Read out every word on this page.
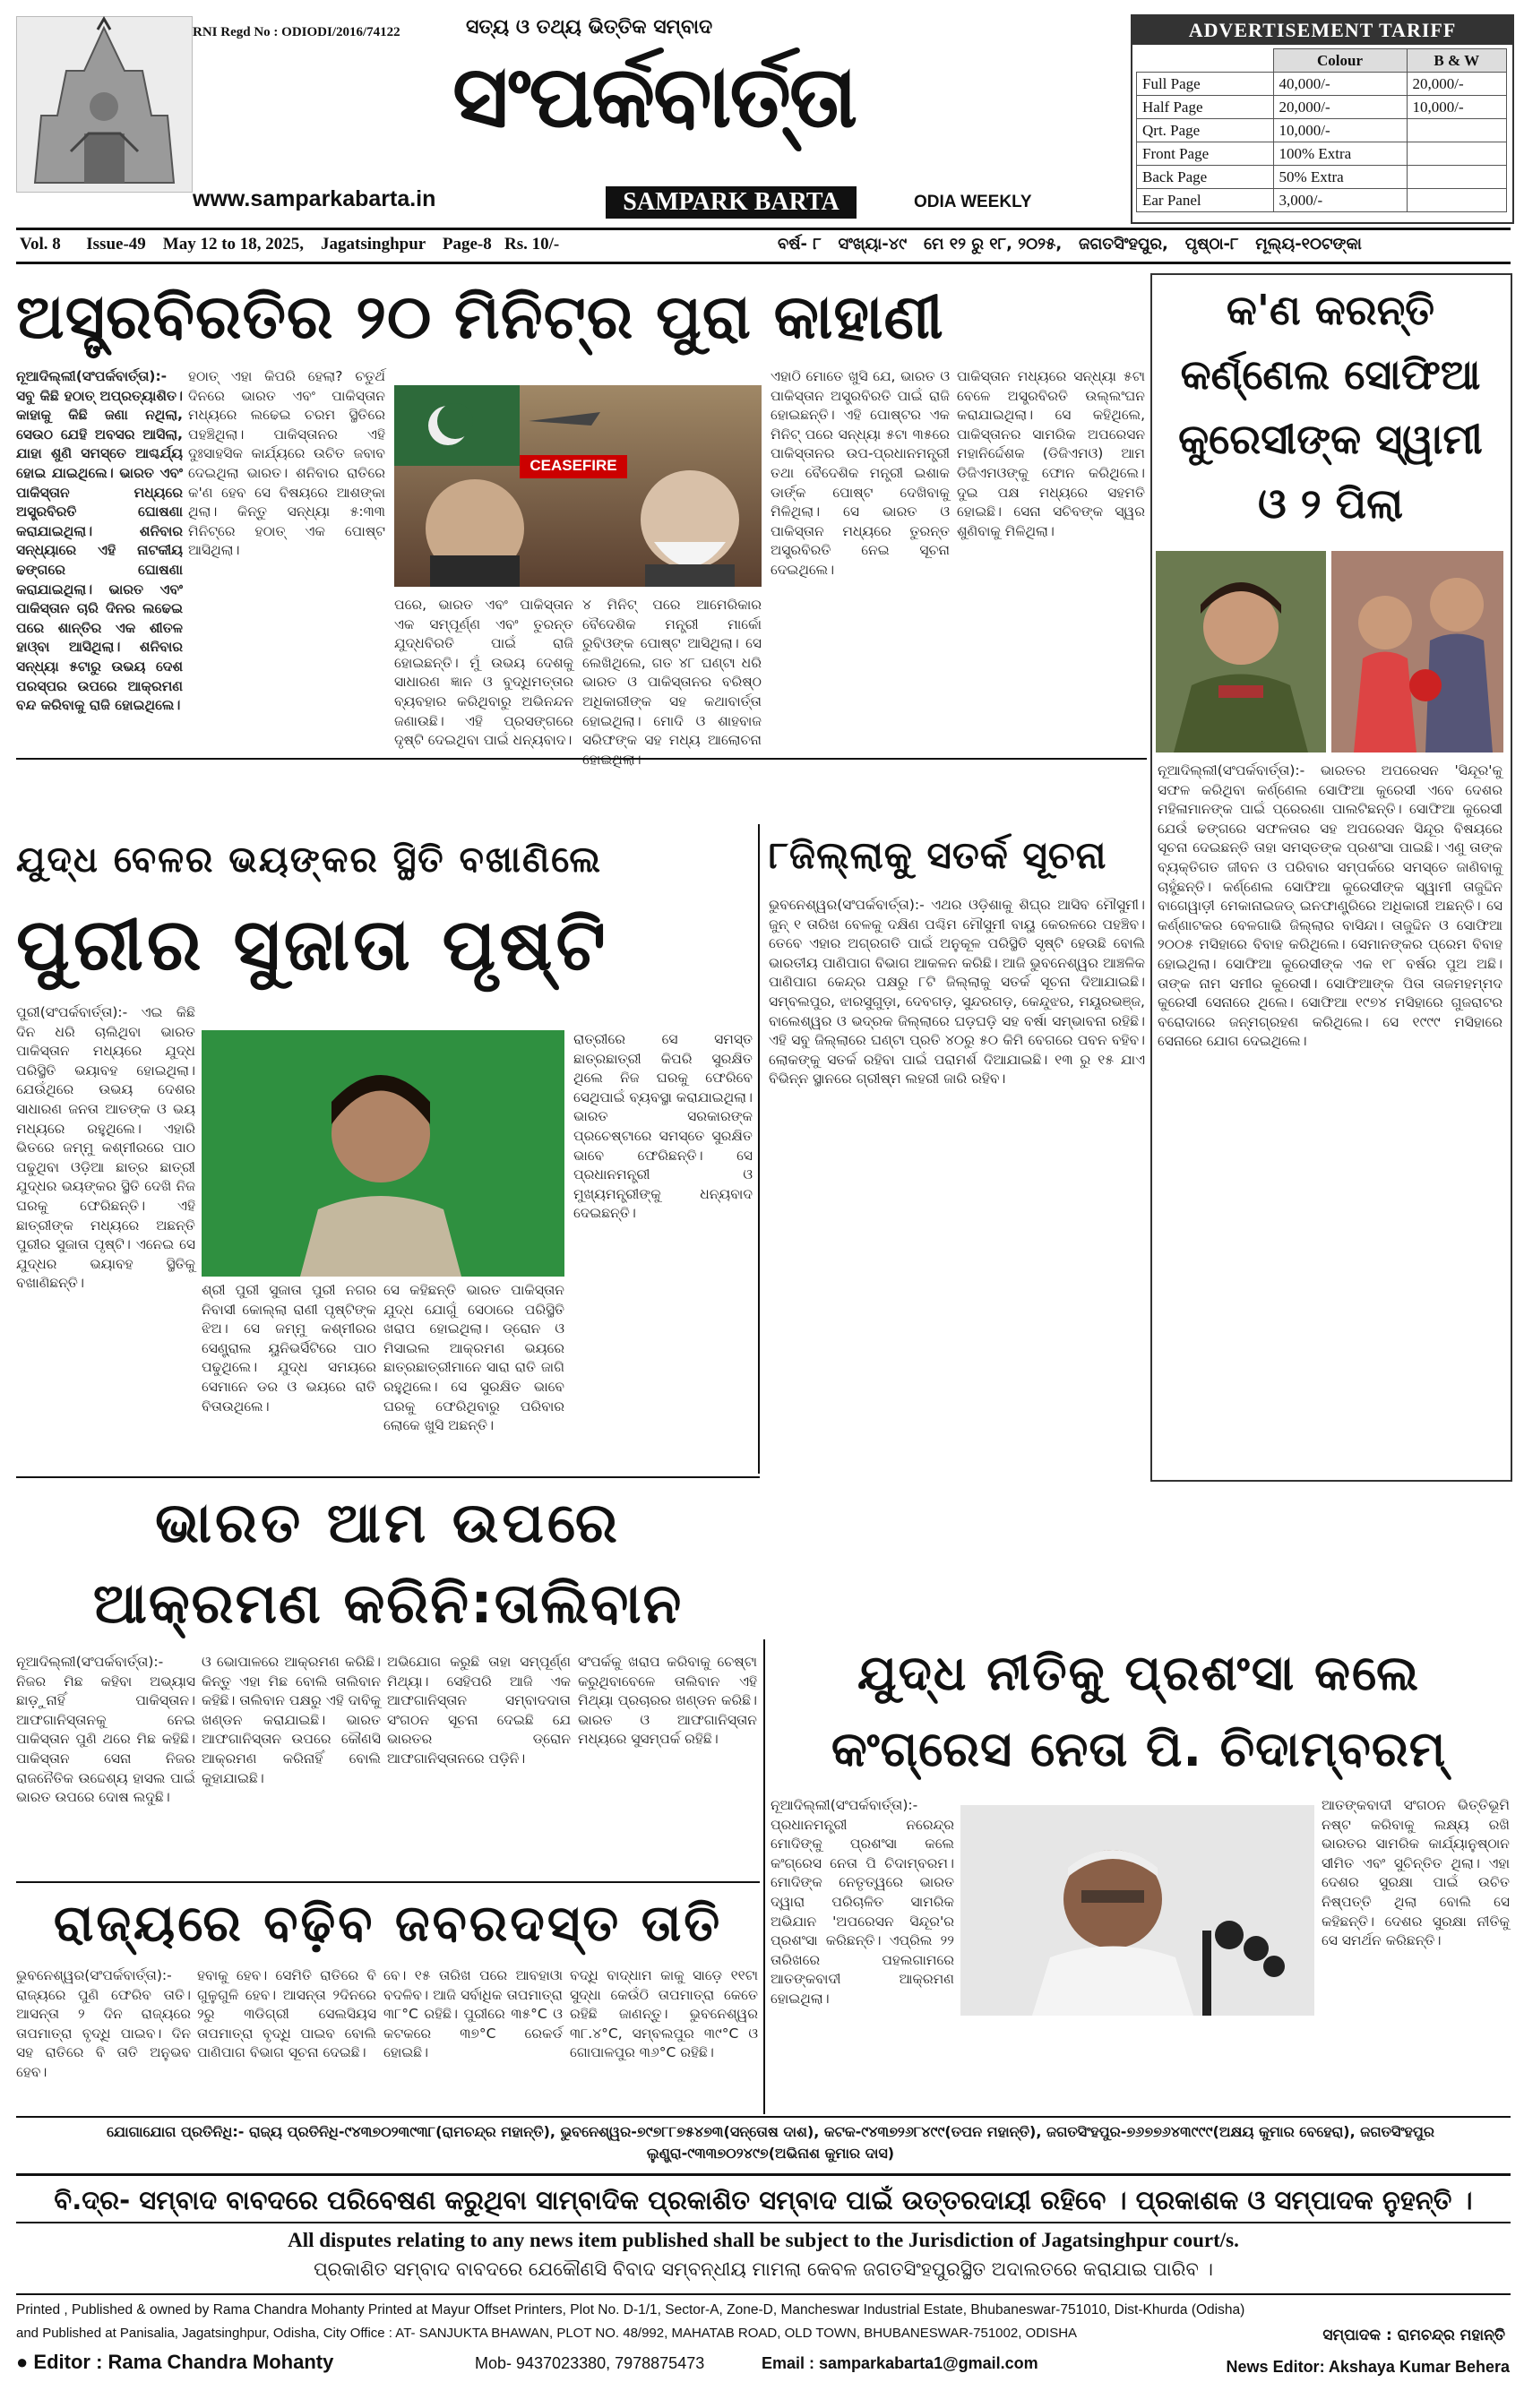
RNI Regd No : ODIODI/2016/74122	ସତ୍ୟ ଓ ତଥ୍ୟ ଭିତ୍ତିକ ସମ୍ବାଦ
ସଂପର୍କବାର୍ତ୍ତା
SAMPARK BARTA	ODIA WEEKLY
www.samparkabarta.in
ADVERTISEMENT TARIFF
	Colour	B & W
Full Page	40,000/-	20,000/-
Half Page	20,000/-	10,000/-
Qrt. Page	10,000/-	
Front Page	100% Extra	
Back Page	50% Extra	
Ear Panel	3,000/-	
Vol. 8      Issue-49    May 12 to 18, 2025,    Jagatsinghpur    Page-8   Rs. 10/-	ବର୍ଷ- ୮   ସଂଖ୍ୟା-୪୯   ମେ ୧୨ ରୁ ୧୮, ୨୦୨୫,   ଜଗତସିଂହପୁର,   ପୃଷ୍ଠା-୮   ମୂଲ୍ୟ-୧୦ଟଙ୍କା
ଅସ୍ତ୍ରବିରତିର ୨୦ ମିନିଟ୍‌ର ପୁରା କାହାଣୀ

ନୂଆଦିଲ୍ଲୀ(ସଂପର୍କବାର୍ତ୍ତା):- ସବୁ କିଛି ହଠାତ୍ ଅପ୍ରତ୍ୟାଶିତ। କାହାକୁ କିଛି ଜଣା ନଥିଲା, ସେଉଠ ଯେହି ଅବସର ଆସିଲା, ଯାହା ଶୁଣି ସମସ୍ତେ ଆଶ୍ଚର୍ଯ୍ୟ ହୋଇ ଯାଇଥିଲେ। ଭାରତ ଏବଂ ପାକିସ୍ତାନ ମଧ୍ୟରେ ଅସ୍ତ୍ରବିରତି ଘୋଷଣା କରାଯାଇଥିଲା। ଶନିବାର ସନ୍ଧ୍ୟାରେ ଏହି ନାଟକୀୟ ଢଙ୍ଗରେ ଘୋଷଣା କରାଯାଇଥିଲା। ଭାରତ ଏବଂ ପାକିସ୍ତାନ ଚାରି ଦିନର ଲଢେଇ ପରେ ଶାନ୍ତିର ଏକ ଶୀତଳ ହାଓ୍ବା ଆସିଥିଲା। ଶନିବାର ସନ୍ଧ୍ୟା ୫ଟାରୁ ଉଭୟ ଦେଶ ପରସ୍ପର ଉପରେ ଆକ୍ରମଣ ବନ୍ଦ କରିବାକୁ ରାଜି ହୋଇଥିଲେ।

ହଠାତ୍ ଏହା କିପରି ହେଲା? ଚତୁର୍ଥ ଦିନରେ ଭାରତ ଏବଂ ପାକିସ୍ତାନ ମଧ୍ୟରେ ଲଢେଇ ଚରମ ସ୍ଥିତିରେ ପହଞ୍ଚିଥିଲା। ପାକିସ୍ତାନର ଏହି ଦୁଃସାହସିକ କାର୍ଯ୍ୟରେ ଉଚିତ ଜବାବ ଦେଇଥିଲା ଭାରତ। ଶନିବାର ରାତିରେ କ'ଣ ହେବ ସେ ବିଷୟରେ ଆଶଙ୍କା ଥିଲା। କିନ୍ତୁ ସନ୍ଧ୍ୟା ୫:୩୩ ମିନିଟ୍ରେ ହଠାତ୍ ଏକ ପୋଷ୍ଟ ଆସିଥିଲା।

ପରେ, ଭାରତ ଏବଂ ପାକିସ୍ତାନ ଏକ ସମ୍ପୂର୍ଣ୍ଣ ଏବଂ ତୁରନ୍ତ ଯୁଦ୍ଧବିରତି ପାଇଁ ରାଜି ହୋଇଛନ୍ତି। ମୁଁ ଉଭୟ ଦେଶକୁ ସାଧାରଣ ଜ୍ଞାନ ଓ ବୁଦ୍ଧିମତ୍ତାର ବ୍ୟବହାର କରିଥିବାରୁ ଅଭିନନ୍ଦନ ଜଣାଉଛି। ଏହି ପ୍ରସଙ୍ଗରେ ଦୃଷ୍ଟି ଦେଇଥିବା ପାଇଁ ଧନ୍ୟବାଦ।

୪ ମିନିଟ୍ ପରେ ଆମେରିକାର ବୈଦେଶିକ ମନ୍ତ୍ରୀ ମାର୍କୋ ରୁବିଓଙ୍କ ପୋଷ୍ଟ ଆସିଥିଲା। ସେ ଲେଖିଥିଲେ, ଗତ ୪୮ ଘଣ୍ଟା ଧରି ଭାରତ ଓ ପାକିସ୍ତାନର ବରିଷ୍ଠ ଅଧିକାରୀଙ୍କ ସହ କଥାବାର୍ତ୍ତା ହୋଇଥିଲା। ମୋଦି ଓ ଶାହବାଜ ସରିଫଙ୍କ ସହ ମଧ୍ୟ ଆଲୋଚନା

ଏହାଠି ମୋତେ ଖୁସି ଯେ, ଭାରତ ଓ ପାକିସ୍ତାନ ଅସ୍ତ୍ରବିରତି ପାଇଁ ରାଜି ହୋଇଛନ୍ତି। ଏହି ପୋଷ୍ଟର ଏକ ମିନିଟ୍ ପରେ ସନ୍ଧ୍ୟା ୫ଟା ୩୫ରେ ପାକିସ୍ତାନର ଉପ-ପ୍ରଧାନମନ୍ତ୍ରୀ ତଥା ବୈଦେଶିକ ମନ୍ତ୍ରୀ ଇଶାକ ଡାର୍ଙ୍କ ପୋଷ୍ଟ ଦେଖିବାକୁ ମିଳିଥିଲା। ସେ ଭାରତ ଓ ପାକିସ୍ତାନ ମଧ୍ୟରେ ତୁରନ୍ତ ଅସ୍ତ୍ରବିରତି ନେଇ ସୂଚନା ଦେଇଥିଲେ।

ପାକିସ୍ତାନ ମଧ୍ୟରେ ସନ୍ଧ୍ୟା ୫ଟା ବେଳେ ଅସ୍ତ୍ରବିରତି ଉଲ୍ଲଂଘନ କରାଯାଇଥିଲା। ସେ କହିଥିଲେ, ପାକିସ୍ତାନର ସାମରିକ ଅପରେସନ ମହାନିର୍ଦ୍ଦେଶକ (ଡିଜିଏମଓ) ଆମ ଡିଜିଏମଓଙ୍କୁ ଫୋନ କରିଥିଲେ। ଦୁଇ ପକ୍ଷ ମଧ୍ୟରେ ସହମତି ହୋଇଛି। ସେନା ସଚିବଙ୍କ ସ୍ୱର ଶୁଣିବାକୁ ମିଳିଥିଲା।

CEASEFIRE
କ'ଣ କରନ୍ତି
କର୍ଣ୍ଣେଲ ସୋଫିଆ
କୁରେସୀଙ୍କ ସ୍ୱାମୀ
ଓ ୨ ପିଲା

ନୂଆଦିଲ୍ଲୀ(ସଂପର୍କବାର୍ତ୍ତା):- ଭାରତର ଅପରେସନ 'ସିନ୍ଦୂର'କୁ ସଫଳ କରିଥିବା କର୍ଣ୍ଣେଲ ସୋଫିଆ କୁରେସୀ ଏବେ ଦେଶର ମହିଳାମାନଙ୍କ ପାଇଁ ପ୍ରେରଣା ପାଲଟିଛନ୍ତି। ସୋଫିଆ କୁରେସୀ ଯେଉଁ ଢଙ୍ଗରେ ସଫଳତାର ସହ ଅପରେସନ ସିନ୍ଦୂର ବିଷୟରେ ସୂଚନା ଦେଇଛନ୍ତି ତାହା ସମସ୍ତଙ୍କ ପ୍ରଶଂସା ପାଇଛି। ଏଣୁ ତାଙ୍କ ବ୍ୟକ୍ତିଗତ ଜୀବନ ଓ ପରିବାର ସମ୍ପର୍କରେ ସମସ୍ତେ ଜାଣିବାକୁ ଚାହୁଁଛନ୍ତି। କର୍ଣ୍ଣେଲ ସୋଫିଆ କୁରେସୀଙ୍କ ସ୍ୱାମୀ ତାଜୁଦ୍ଦିନ ବାଗେୱାଡ଼ୀ ମେକାନାଇଜଡ୍ ଇନଫାଣ୍ଟ୍ରିରେ ଅଧିକାରୀ ଅଛନ୍ତି। ସେ କର୍ଣ୍ଣାଟକର ବେଳଗାଭି ଜିଲ୍ଲାର ବାସିନ୍ଦା। ତାଜୁଦ୍ଦିନ ଓ ସୋଫିଆ ୨୦୦୫ ମସିହାରେ ବିବାହ କରିଥିଲେ। ସେମାନଙ୍କର ପ୍ରେମ ବିବାହ ହୋଇଥିଲା। ସୋଫିଆ କୁରେସୀଙ୍କ ଏକ ୧୮ ବର୍ଷର ପୁଅ ଅଛି। ତାଙ୍କ ନାମ ସମୀର କୁରେସୀ। ସୋଫିଆଙ୍କ ପିତା ତାଜମହମ୍ମଦ କୁରେସୀ ସେନାରେ ଥିଲେ। ସୋଫିଆ ୧୯୭୪ ମସିହାରେ ଗୁଜରାଟର ବରୋଦାରେ ଜନ୍ମଗ୍ରହଣ କରିଥିଲେ। ସେ ୧୯୯୯ ମସିହାରେ ସେନାରେ ଯୋଗ ଦେଇଥିଲେ।

ଯୁଦ୍ଧ ବେଳର ଭୟଙ୍କର ସ୍ଥିତି ବଖାଣିଲେ
ପୁରୀର ସୁଜାତା ପୃଷ୍ଟି

ପୁରୀ(ସଂପର୍କବାର୍ତ୍ତା):- ଏଇ କିଛି ଦିନ ଧରି ଚାଲିଥିବା ଭାରତ ପାକିସ୍ତାନ ମଧ୍ୟରେ ଯୁଦ୍ଧ ପରିସ୍ଥିତି ଭୟାବହ ହୋଇଥିଲା। ଯେଉଁଥିରେ ଉଭୟ ଦେଶର ସାଧାରଣ ଜନତା ଆତଙ୍କ ଓ ଭୟ ମଧ୍ୟରେ ରହୁଥିଲେ। ଏହାରି ଭିତରେ ଜମ୍ମୁ କଶ୍ମୀରରେ ପାଠ ପଢୁଥିବା ଓଡ଼ିଆ ଛାତ୍ର ଛାତ୍ରୀ ଯୁଦ୍ଧର ଭୟଙ୍କର ସ୍ଥିତି ଦେଖି ନିଜ ଘରକୁ ଫେରିଛନ୍ତି। ଏହି ଛାତ୍ରୀଙ୍କ ମଧ୍ୟରେ ଅଛନ୍ତି ପୁରୀର ସୁଜାତା ପୃଷ୍ଟି। ଏନେଇ ସେ ଯୁଦ୍ଧର ଭୟାବହ ସ୍ଥିତିକୁ ବଖାଣିଛନ୍ତି।	ଶ୍ରୀ ପୁରୀ ସୁଜାତା ପୁରୀ ନଗର ନିବାସୀ କୋଲ୍ଲା ରାଣୀ ପୃଷ୍ଟିଙ୍କ ଝିଅ। ସେ ଜମ୍ମୁ କଶ୍ମୀରର ସେଣ୍ଟ୍ରାଲ ୟୁନିଭର୍ସିଟିରେ ପାଠ ପଢୁଥିଲେ। ଯୁଦ୍ଧ ସମୟରେ ସେମାନେ ଡର ଓ ଭୟରେ ରାତି ବିତାଉଥିଲେ।

ସେ କହିଛନ୍ତି ଭାରତ ପାକିସ୍ତାନ ଯୁଦ୍ଧ ଯୋଗୁଁ ସେଠାରେ ପରିସ୍ଥିତି ଖରାପ ହୋଇଥିଲା। ଡ୍ରୋନ ଓ ମିସାଇଲ ଆକ୍ରମଣ ଭୟରେ ଛାତ୍ରଛାତ୍ରୀମାନେ ସାରା ରାତି ଜାଗି ରହୁଥିଲେ। ସେ ସୁରକ୍ଷିତ ଭାବେ ଘରକୁ ଫେରିଥିବାରୁ ପରିବାର ଲୋକେ ଖୁସି ଅଛନ୍ତି।

ରାତ୍ରୀରେ ସେ ସମସ୍ତ ଛାତ୍ରଛାତ୍ରୀ କିପରି ସୁରକ୍ଷିତ ଥିଲେ ନିଜ ଘରକୁ ଫେରିବେ ସେଥିପାଇଁ ବ୍ୟବସ୍ଥା କରାଯାଇଥିଲା। ଭାରତ ସରକାରଙ୍କ ପ୍ରଚେଷ୍ଟାରେ ସମସ୍ତେ ସୁରକ୍ଷିତ ଭାବେ ଫେରିଛନ୍ତି। ସେ ପ୍ରଧାନମନ୍ତ୍ରୀ ଓ ମୁଖ୍ୟମନ୍ତ୍ରୀଙ୍କୁ ଧନ୍ୟବାଦ ଦେଇଛନ୍ତି।

୮ଜିଲ୍ଲାକୁ ସତର୍କ ସୂଚନା

ଭୁବନେଶ୍ୱର(ସଂପର୍କବାର୍ତ୍ତା):- ଏଥର ଓଡ଼ିଶାକୁ ଶିଘ୍ର ଆସିବ ମୌସୁମୀ। ଜୁନ୍ ୧ ତାରିଖ ବେଳକୁ ଦକ୍ଷିଣ ପଶ୍ଚିମ ମୌସୁମୀ ବାୟୁ କେରଳରେ ପହଞ୍ଚିବ। ତେବେ ଏହାର ଅଗ୍ରଗତି ପାଇଁ ଅନୁକୂଳ ପରିସ୍ଥିତି ସୃଷ୍ଟି ହେଉଛି ବୋଲି ଭାରତୀୟ ପାଣିପାଗ ବିଭାଗ ଆକଳନ କରିଛି। ଆଜି ଭୁବନେଶ୍ୱର ଆଞ୍ଚଳିକ ପାଣିପାଗ କେନ୍ଦ୍ର ପକ୍ଷରୁ ୮ଟି ଜିଲ୍ଲାକୁ ସତର୍କ ସୂଚନା ଦିଆଯାଇଛି। ସମ୍ବଲପୁର, ଝାରସୁଗୁଡ଼ା, ଦେବଗଡ଼, ସୁନ୍ଦରଗଡ଼, କେନ୍ଦୁଝର, ମୟୂରଭଞ୍ଜ, ବାଲେଶ୍ୱର ଓ ଭଦ୍ରକ ଜିଲ୍ଲାରେ ଘଡ଼ଘଡ଼ି ସହ ବର୍ଷା ସମ୍ଭାବନା ରହିଛି। ଏହି ସବୁ ଜିଲ୍ଲାରେ ଘଣ୍ଟା ପ୍ରତି ୪୦ରୁ ୫୦ କିମି ବେଗରେ ପବନ ବହିବ। ଲୋକଙ୍କୁ ସତର୍କ ରହିବା ପାଇଁ ପରାମର୍ଶ ଦିଆଯାଇଛି। ୧୩ ରୁ ୧୫ ଯାଏ ବିଭିନ୍ନ ସ୍ଥାନରେ ଗ୍ରୀଷ୍ମ ଲହରୀ ଜାରି ରହିବ।

ଭାରତ ଆମ ଉପରେ
ଆକ୍ରମଣ କରିନି:ତାଲିବାନ

ନୂଆଦିଲ୍ଲୀ(ସଂପର୍କବାର୍ତ୍ତା):- ନିଜର ମିଛ କହିବା ଅଭ୍ୟାସ ଛାଡ଼ୁନାହିଁ ପାକିସ୍ତାନ। ଆଫଗାନିସ୍ତାନକୁ ନେଇ ପାକିସ୍ତାନ ପୁଣି ଥରେ ମିଛ କହିଛି। ପାକିସ୍ତାନ ସେନା ନିଜର ରାଜନୈତିକ ଉଦ୍ଦେଶ୍ୟ ହାସଲ ପାଇଁ ଭାରତ ଉପରେ ଦୋଷ ଲଦୁଛି।

ଓ ଭୋପାଳରେ ଆକ୍ରମଣ କରିଛି। କିନ୍ତୁ ଏହା ମିଛ ବୋଲି ତାଲିବାନ କହିଛି। ତାଲିବାନ ପକ୍ଷରୁ ଏହି ଦାବିକୁ ଖଣ୍ଡନ କରାଯାଇଛି। ଭାରତ ଆଫଗାନିସ୍ତାନ ଉପରେ କୌଣସି ଆକ୍ରମଣ କରିନାହିଁ ବୋଲି କୁହାଯାଇଛି।

ଅଭିଯୋଗ କରୁଛି ତାହା ସମ୍ପୂର୍ଣ୍ଣ ମିଥ୍ୟା। ସେହିପରି ଆଜି ଏକ ଆଫଗାନିସ୍ତାନ ସମ୍ବାଦଦାତା ସଂଗଠନ ସୂଚନା ଦେଇଛି ଯେ ଭାରତର ଡ୍ରୋନ ଆଫଗାନିସ୍ତାନରେ ପଡ଼ିନି।

ସଂପର୍କକୁ ଖରାପ କରିବାକୁ ଚେଷ୍ଟା କରୁଥିବାବେଳେ ତାଲିବାନ ଏହି ମିଥ୍ୟା ପ୍ରଚାରର ଖଣ୍ଡନ କରିଛି। ଭାରତ ଓ ଆଫଗାନିସ୍ତାନ ମଧ୍ୟରେ ସୁସମ୍ପର୍କ ରହିଛି।

ଯୁଦ୍ଧ ନୀତିକୁ ପ୍ରଶଂସା କଲେ
କଂଗ୍ରେସ ନେତା ପି. ଚିଦାମ୍ବରମ୍

ନୂଆଦିଲ୍ଲୀ(ସଂପର୍କବାର୍ତ୍ତା):- ପ୍ରଧାନମନ୍ତ୍ରୀ ନରେନ୍ଦ୍ର ମୋଦିଙ୍କୁ ପ୍ରଶଂସା କଲେ କଂଗ୍ରେସ ନେତା ପି ଚିଦାମ୍ବରମ। ମୋଦିଙ୍କ ନେତୃତ୍ୱରେ ଭାରତ ଦ୍ୱାରା ପରିଚାଳିତ ସାମରିକ ଅଭିଯାନ 'ଅପରେସନ ସିନ୍ଦୂର'ର ପ୍ରଶଂସା କରିଛନ୍ତି। ଏପ୍ରିଲ ୨୨ ତାରିଖରେ ପହଲଗାମରେ ଆତଙ୍କବାଦୀ ଆକ୍ରମଣ ହୋଇଥିଲା।

ଆତଙ୍କବାଦୀ ସଂଗଠନ ଭିତ୍ତିଭୂମି ନଷ୍ଟ କରିବାକୁ ଲକ୍ଷ୍ୟ ରଖି ଭାରତର ସାମରିକ କାର୍ଯ୍ୟାନୁଷ୍ଠାନ ସୀମିତ ଏବଂ ସୁଚିନ୍ତିତ ଥିଲା। ଏହା ଦେଶର ସୁରକ୍ଷା ପାଇଁ ଉଚିତ ନିଷ୍ପତ୍ତି ଥିଲା ବୋଲି ସେ କହିଛନ୍ତି। ଦେଶର ସୁରକ୍ଷା ନୀତିକୁ ସେ ସମର୍ଥନ କରିଛନ୍ତି।

ରାଜ୍ୟରେ ବଢ଼ିବ ଜବରଦସ୍ତ ତାତି

ଭୁବନେଶ୍ୱର(ସଂପର୍କବାର୍ତ୍ତା):- ରାଜ୍ୟରେ ପୁଣି ଫେରିବ ତାତି। ଆସନ୍ତା ୨ ଦିନ ରାଜ୍ୟରେ ତାପମାତ୍ରା ବୃଦ୍ଧି ପାଇବ। ଦିନ ସହ ରାତିରେ ବି ତାତି ଅନୁଭବ ହେବ।

ହବାକୁ ହେବ। ସେମିତି ରାତିରେ ବି ଗୁଳୁଗୁଳି ହେବ। ଆସନ୍ତା ୨ଦିନରେ ୨ରୁ ୩ଡିଗ୍ରୀ ସେଲସିୟସ ତାପମାତ୍ରା ବୃଦ୍ଧି ପାଇବ ବୋଲି ପାଣିପାଗ ବିଭାଗ ସୂଚନା ଦେଇଛି।

ବେ। ୧୫ ତାରିଖ ପରେ ଆବହାଓା ବଦଳିବ। ଆଜି ସର୍ବାଧିକ ତାପମାତ୍ରା ୩୮°C ରହିଛି। ପୁରୀରେ ୩୫°C ଓ କଟକରେ ୩୭°C ରେକର୍ଡ ହୋଇଛି।

ବଦ୍ଧି ବାଦ୍ଧାମ କାକୁ ସାଡ଼େ ୧୧ଟା ସୁଦ୍ଧା କେଉଁଠି ତାପମାତ୍ରା କେତେ ରହିଛି ଜାଣନ୍ତୁ। ଭୁବନେଶ୍ୱର ୩୮.୪°C, ସମ୍ବଲପୁର ୩୯°C ଓ ଗୋପାଳପୁର ୩୬°C ରହିଛି।

ଯୋଗାଯୋଗ ପ୍ରତିନିଧି:- ରାଜ୍ୟ ପ୍ରତିନିଧି-୯୪୩୭୦୨୩୯୩୮(ରାମଚନ୍ଦ୍ର ମହାନ୍ତି), ଭୁବନେଶ୍ୱର-୭୯୭୮୮୭୫୪୭୩(ସନ୍ତୋଷ ଦାଶ), କଟକ-୯୪୩୭୨୬୮୪୯୯(ତପନ ମହାନ୍ତି), ଜଗତସିଂହପୁର-୭୬୭୭୬୪୩୯୯୯(ଅକ୍ଷୟ କୁମାର ବେହେରା), ଜଗତସିଂହପୁର ଲୁଣ୍ଡ୍ରା-୯୩୩୭୦୨୪୯୭(ଅଭିନାଶ କୁମାର ଦାସ)
ବି.ଦ୍ର- ସମ୍ବାଦ ବାବଦରେ ପରିବେଷଣ କରୁଥିବା ସାମ୍ବାଦିକ ପ୍ରକାଶିତ ସମ୍ବାଦ ପାଇଁ ଉତ୍ତରଦାୟୀ ରହିବେ । ପ୍ରକାଶକ ଓ ସମ୍ପାଦକ ନୁହନ୍ତି ।
All disputes relating to any news item published shall be subject to the Jurisdiction of Jagatsinghpur court/s.
ପ୍ରକାଶିତ ସମ୍ବାଦ ବାବଦରେ ଯେକୌଣସି ବିବାଦ ସମ୍ବନ୍ଧୀୟ ମାମଲା କେବଳ ଜଗତସିଂହପୁରସ୍ଥିତ ଅଦାଲତରେ କରାଯାଇ ପାରିବ ।
Printed , Published & owned by Rama Chandra Mohanty Printed at Mayur Offset Printers, Plot No. D-1/1, Sector-A, Zone-D, Mancheswar Industrial Estate, Bhubaneswar-751010, Dist-Khurda (Odisha)
and Published at Panisalia, Jagatsinghpur, Odisha, City Office : AT- SANJUKTA BHAWAN, PLOT NO. 48/992, MAHATAB ROAD, OLD TOWN, BHUBANESWAR-751002, ODISHA	ସମ୍ପାଦକ : ରାମଚନ୍ଦ୍ର ମହାନ୍ତି
● Editor : Rama Chandra Mohanty	Mob- 9437023380, 7978875473	Email : samparkabarta1@gmail.com	News Editor: Akshaya Kumar Behera
